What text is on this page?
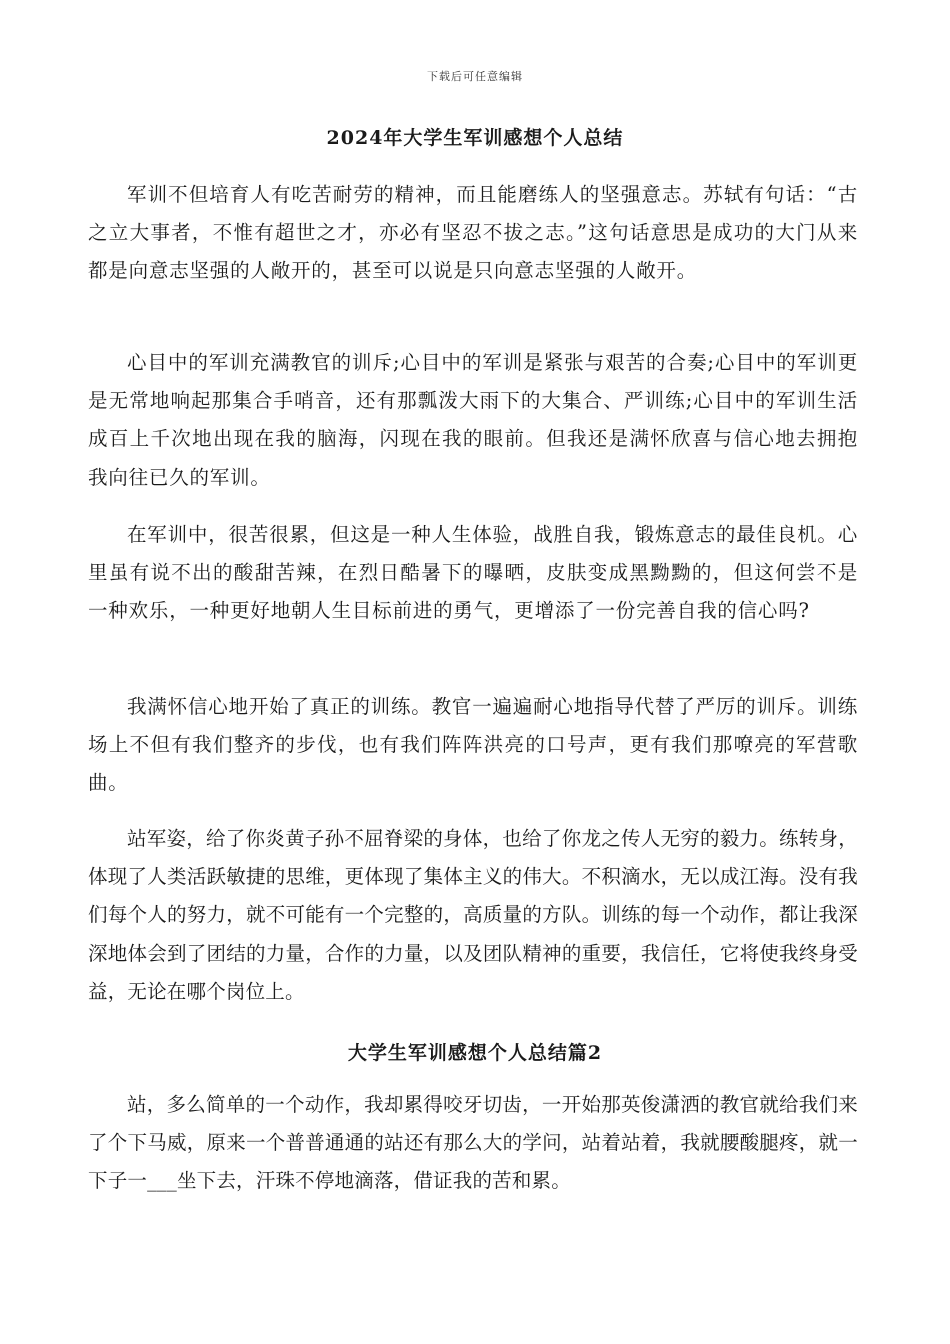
下载后可任意编辑
2024年大学生军训感想个人总结

军训不但培育人有吃苦耐劳的精神，而且能磨练人的坚强意志。苏轼有句话：“古之立大事者，不惟有超世之才，亦必有坚忍不拔之志。”这句话意思是成功的大门从来都是向意志坚强的人敞开的，甚至可以说是只向意志坚强的人敞开。

心目中的军训充满教官的训斥;心目中的军训是紧张与艰苦的合奏;心目中的军训更是无常地响起那集合手哨音，还有那瓢泼大雨下的大集合、严训练;心目中的军训生活成百上千次地出现在我的脑海，闪现在我的眼前。但我还是满怀欣喜与信心地去拥抱我向往已久的军训。

在军训中，很苦很累，但这是一种人生体验，战胜自我，锻炼意志的最佳良机。心里虽有说不出的酸甜苦辣，在烈日酷暑下的曝晒，皮肤变成黑黝黝的，但这何尝不是一种欢乐，一种更好地朝人生目标前进的勇气，更增添了一份完善自我的信心吗?

我满怀信心地开始了真正的训练。教官一遍遍耐心地指导代替了严厉的训斥。训练场上不但有我们整齐的步伐，也有我们阵阵洪亮的口号声，更有我们那嘹亮的军营歌曲。

站军姿，给了你炎黄子孙不屈脊梁的身体，也给了你龙之传人无穷的毅力。练转身，体现了人类活跃敏捷的思维，更体现了集体主义的伟大。不积滴水，无以成江海。没有我们每个人的努力，就不可能有一个完整的，高质量的方队。训练的每一个动作，都让我深深地体会到了团结的力量，合作的力量，以及团队精神的重要，我信任，它将使我终身受益，无论在哪个岗位上。

大学生军训感想个人总结篇2

站，多么简单的一个动作，我却累得咬牙切齿，一开始那英俊潇洒的教官就给我们来了个下马威，原来一个普普通通的站还有那么大的学问，站着站着，我就腰酸腿疼，就一下子一___坐下去，汗珠不停地滴落，借证我的苦和累。
